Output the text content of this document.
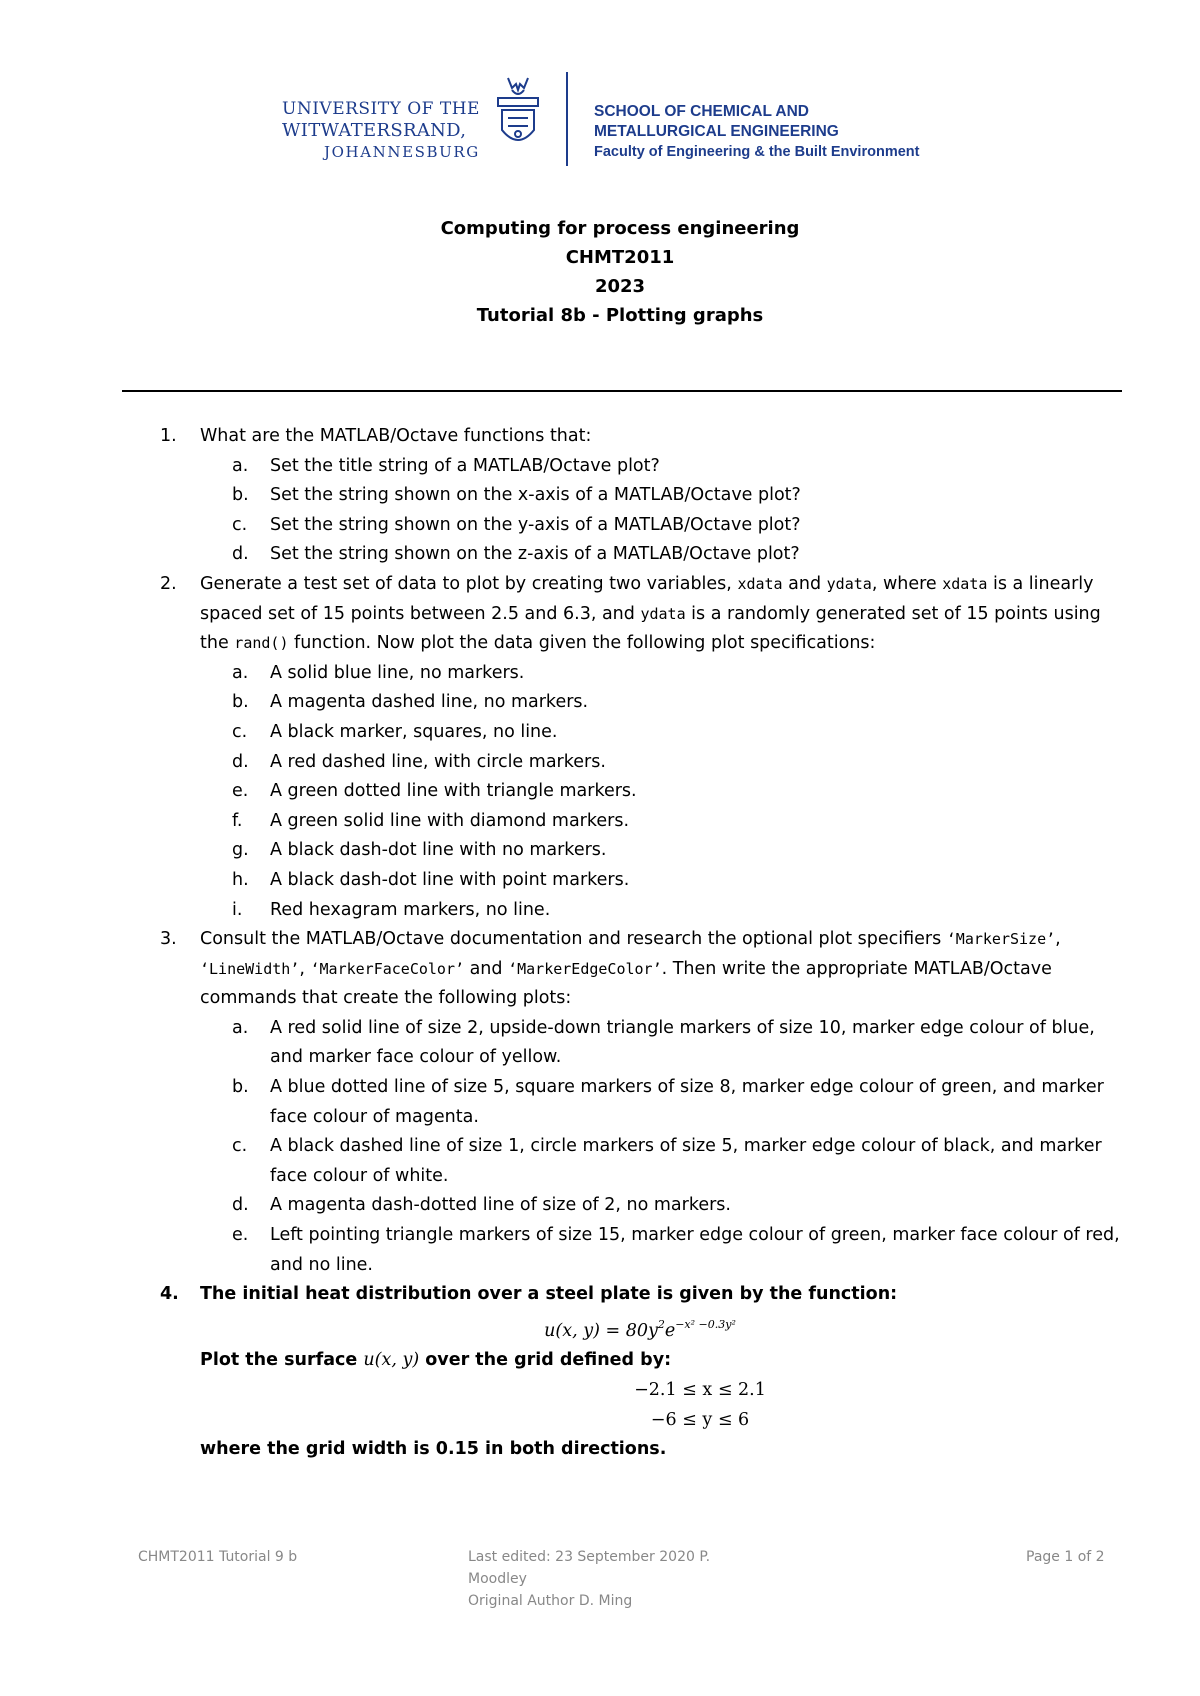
UNIVERSITY OF THE
WITWATERSRAND,
JOHANNESBURG
SCHOOL OF CHEMICAL AND
METALLURGICAL ENGINEERING
Faculty of Engineering & the Built Environment
Computing for process engineering
CHMT2011
2023
Tutorial 8b - Plotting graphs
1. What are the MATLAB/Octave functions that:
a. Set the title string of a MATLAB/Octave plot?
b. Set the string shown on the x-axis of a MATLAB/Octave plot?
c. Set the string shown on the y-axis of a MATLAB/Octave plot?
d. Set the string shown on the z-axis of a MATLAB/Octave plot?
2. Generate a test set of data to plot by creating two variables, xdata and ydata, where xdata is a linearly spaced set of 15 points between 2.5 and 6.3, and ydata is a randomly generated set of 15 points using the rand() function. Now plot the data given the following plot specifications:
a. A solid blue line, no markers.
b. A magenta dashed line, no markers.
c. A black marker, squares, no line.
d. A red dashed line, with circle markers.
e. A green dotted line with triangle markers.
f. A green solid line with diamond markers.
g. A black dash-dot line with no markers.
h. A black dash-dot line with point markers.
i. Red hexagram markers, no line.
3. Consult the MATLAB/Octave documentation and research the optional plot specifiers ‘MarkerSize’, ‘LineWidth’, ‘MarkerFaceColor’ and ‘MarkerEdgeColor’. Then write the appropriate MATLAB/Octave commands that create the following plots:
a. A red solid line of size 2, upside-down triangle markers of size 10, marker edge colour of blue, and marker face colour of yellow.
b. A blue dotted line of size 5, square markers of size 8, marker edge colour of green, and marker face colour of magenta.
c. A black dashed line of size 1, circle markers of size 5, marker edge colour of black, and marker face colour of white.
d. A magenta dash-dotted line of size of 2, no markers.
e. Left pointing triangle markers of size 15, marker edge colour of green, marker face colour of red, and no line.
4. The initial heat distribution over a steel plate is given by the function:
u(x, $y) = 80y^2e^{-x^2 -0.3y^2}$
Plot the surface u(x, y) over the grid defined by:
−2.1 ≤ x ≤ 2.1
−6 ≤ y ≤ 6
where the grid width is 0.15 in both directions.
CHMT2011 Tutorial 9 b	Last edited: 23 September 2020 P.
Moodley
Original Author D. Ming
Page 1 of 2
